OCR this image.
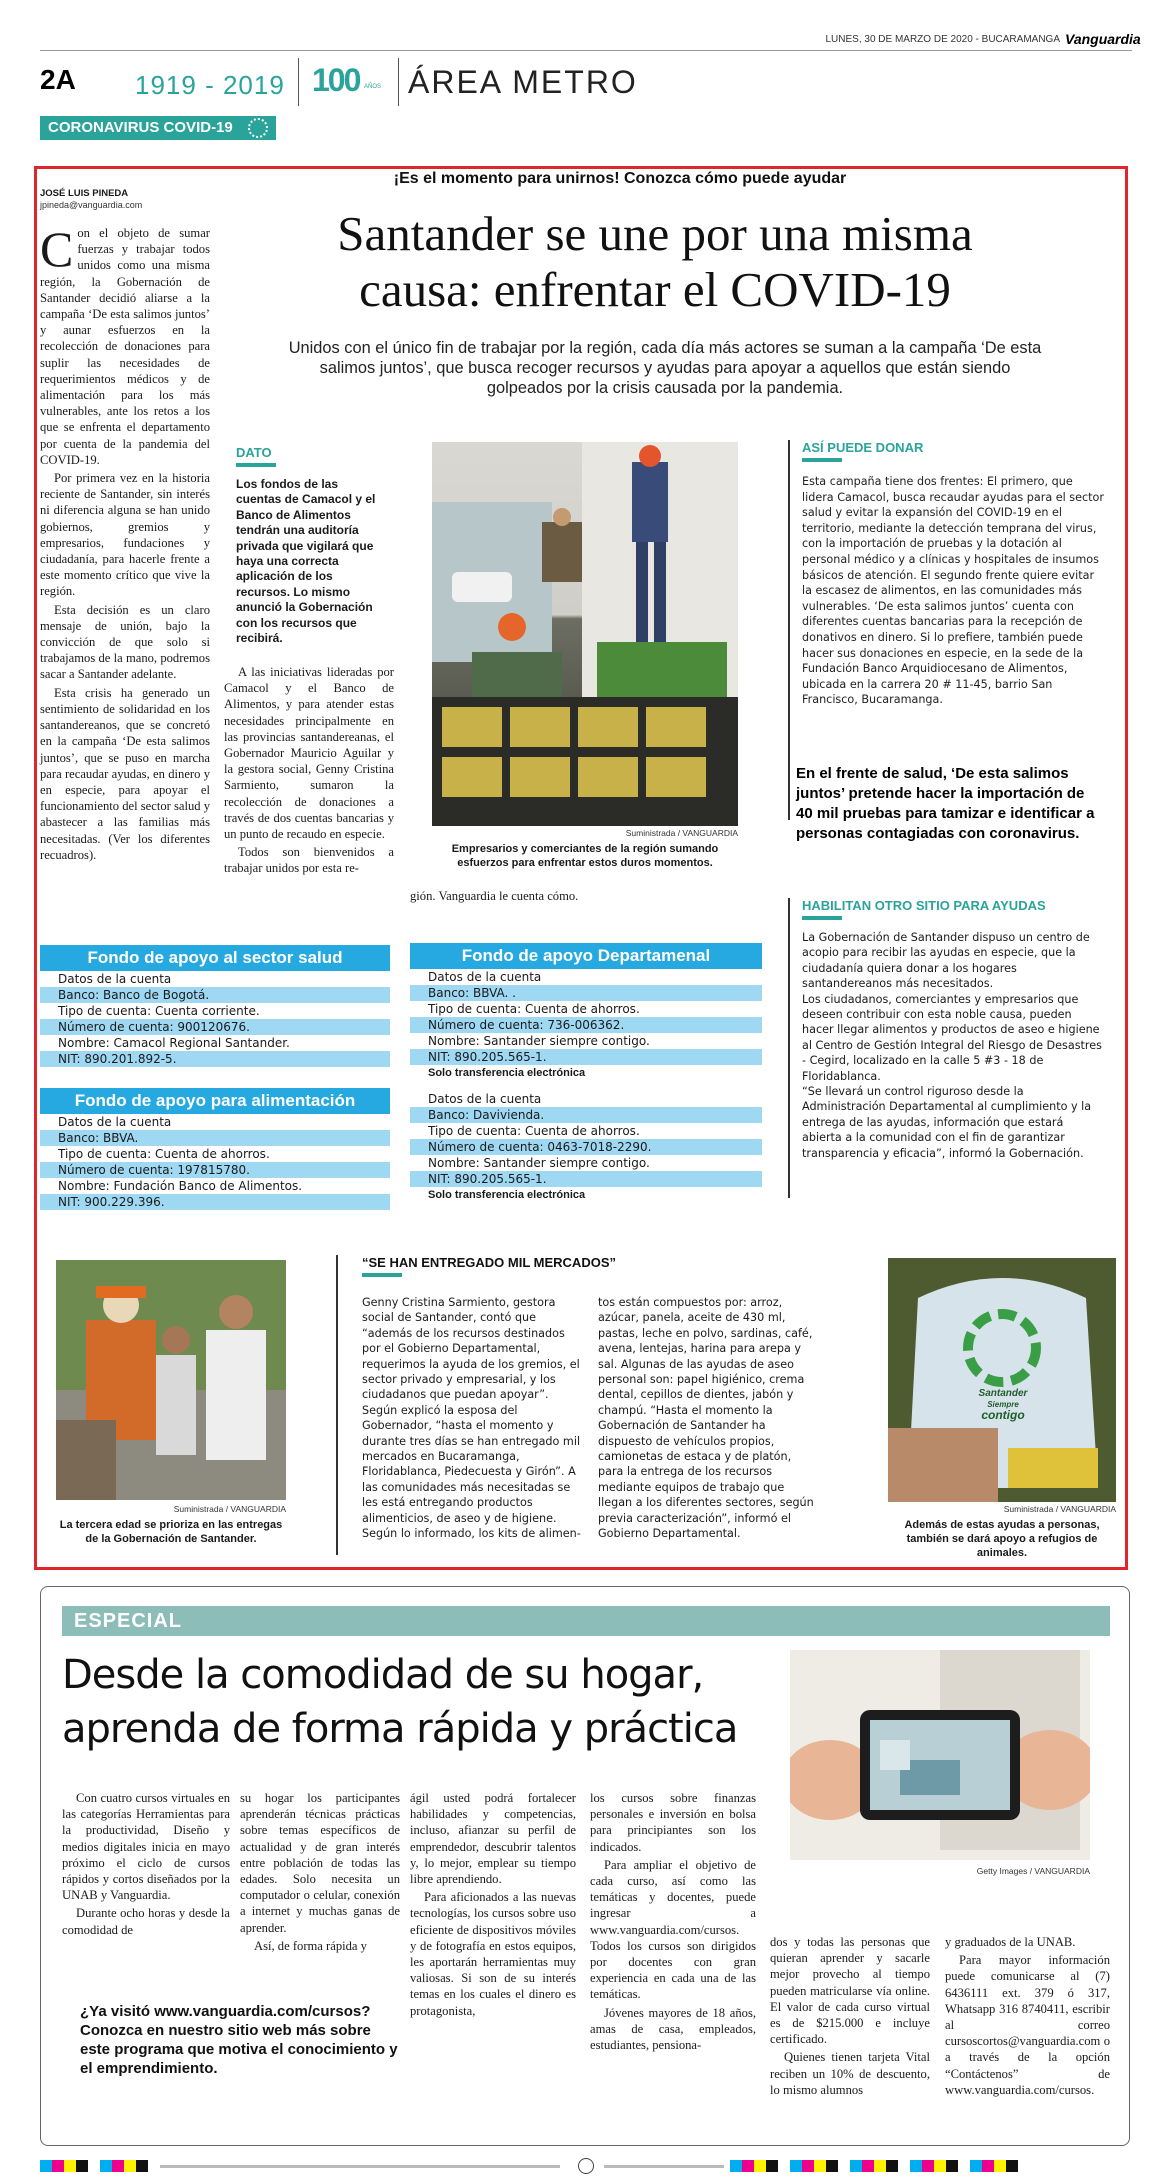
LUNES, 30 DE MARZO DE 2020 - BUCARAMANGA Vanguardia
2A 1919 - 2019 100 AÑOS ÁREA METRO
CORONAVIRUS COVID-19
JOSÉ LUIS PINEDA
jpineda@vanguardia.com
¡Es el momento para unirnos! Conozca cómo puede ayudar
Santander se une por una misma
causa: enfrentar el COVID-19
Unidos con el único fin de trabajar por la región, cada día más actores se suman a la campaña ‘De esta
salimos juntos’, que busca recoger recursos y ayudas para apoyar a aquellos que están siendo
golpeados por la crisis causada por la pandemia.

Con el objeto de sumar fuerzas y trabajar todos unidos como una misma región, la Gobernación de Santander decidió aliarse a la campaña ‘De esta salimos juntos’ y aunar esfuerzos en la recolección de donaciones para suplir las necesidades de requerimientos médicos y de alimentación para los más vulnerables, ante los retos a los que se enfrenta el departamento por cuenta de la pandemia del COVID-19.

Por primera vez en la historia reciente de Santander, sin interés ni diferencia alguna se han unido gobiernos, gremios y empresarios, fundaciones y ciudadanía, para hacerle frente a este momento crítico que vive la región.

Esta decisión es un claro mensaje de unión, bajo la convicción de que solo si trabajamos de la mano, podremos sacar a Santander adelante.

Esta crisis ha generado un sentimiento de solidaridad en los santandereanos, que se concretó en la campaña ‘De esta salimos juntos’, que se puso en marcha para recaudar ayudas, en dinero y en especie, para apoyar el funcionamiento del sector salud y abastecer a las familias más necesitadas. (Ver los diferentes recuadros).

DATO

Los fondos de las cuentas de Camacol y el Banco de Alimentos tendrán una auditoría privada que vigilará que haya una correcta aplicación de los recursos. Lo mismo anunció la Gobernación con los recursos que recibirá.

A las iniciativas lideradas por Camacol y el Banco de Alimentos, y para atender estas necesidades principalmente en las provincias santandereanas, el Gobernador Mauricio Aguilar y la gestora social, Genny Cristina Sarmiento, sumaron la recolección de donaciones a través de dos cuentas bancarias y un punto de recaudo en especie.

Todos son bienvenidos a trabajar unidos por esta re-

gión. Vanguardia le cuenta cómo.

Suministrada / VANGUARDIA
Empresarios y comerciantes de la región sumando esfuerzos para enfrentar estos duros momentos.
ASÍ PUEDE DONAR

Esta campaña tiene dos frentes: El primero, que lidera Camacol, busca recaudar ayudas para el sector salud y evitar la expansión del COVID-19 en el territorio, mediante la detección temprana del virus, con la importación de pruebas y la dotación al personal médico y a clínicas y hospitales de insumos básicos de atención. El segundo frente quiere evitar la escasez de alimentos, en las comunidades más vulnerables. ‘De esta salimos juntos’ cuenta con diferentes cuentas bancarias para la recepción de donativos en dinero. Si lo prefiere, también puede hacer sus donaciones en especie, en la sede de la Fundación Banco Arquidiocesano de Alimentos, ubicada en la carrera 20 # 11-45, barrio San Francisco, Bucaramanga.

En el frente de salud, ‘De esta salimos juntos’ pretende hacer la importación de 40 mil pruebas para tamizar e identificar a personas contagiadas con coronavirus.
HABILITAN OTRO SITIO PARA AYUDAS

La Gobernación de Santander dispuso un centro de acopio para recibir las ayudas en especie, que la ciudadanía quiera donar a los hogares santandereanos más necesitados.

Los ciudadanos, comerciantes y empresarios que deseen contribuir con esta noble causa, pueden hacer llegar alimentos y productos de aseo e higiene al Centro de Gestión Integral del Riesgo de Desastres - Cegird, localizado en la calle 5 #3 - 18 de Floridablanca.

“Se llevará un control riguroso desde la Administración Departamental al cumplimiento y la entrega de las ayudas, información que estará abierta a la comunidad con el fin de garantizar transparencia y eficacia”, informó la Gobernación.

Fondo de apoyo al sector salud
Datos de la cuenta
Banco: Banco de Bogotá.
Tipo de cuenta: Cuenta corriente.
Número de cuenta: 900120676.
Nombre: Camacol Regional Santander.
NIT: 890.201.892-5.
Fondo de apoyo para alimentación
Datos de la cuenta
Banco: BBVA.
Tipo de cuenta: Cuenta de ahorros.
Número de cuenta: 197815780.
Nombre: Fundación Banco de Alimentos.
NIT: 900.229.396.
Fondo de apoyo Departamenal
Datos de la cuenta
Banco: BBVA. .
Tipo de cuenta: Cuenta de ahorros.
Número de cuenta: 736-006362.
Nombre: Santander siempre contigo.
NIT: 890.205.565-1.
Solo transferencia electrónica
Datos de la cuenta
Banco: Davivienda.
Tipo de cuenta: Cuenta de ahorros.
Número de cuenta: 0463-7018-2290.
Nombre: Santander siempre contigo.
NIT: 890.205.565-1.
Solo transferencia electrónica
Suministrada / VANGUARDIA
La tercera edad se prioriza en las entregas de la Gobernación de Santander.
“SE HAN ENTREGADO MIL MERCADOS”

Genny Cristina Sarmiento, gestora social de Santander, contó que “además de los recursos destinados por el Gobierno Departamental, requerimos la ayuda de los gremios, el sector privado y empresarial, y los ciudadanos que puedan apoyar”. Según explicó la esposa del Gobernador, “hasta el momento y durante tres días se han entregado mil mercados en Bucaramanga, Floridablanca, Piedecuesta y Girón”. A las comunidades más necesitadas se les está entregando productos alimenticios, de aseo y de higiene. Según lo informado, los kits de alimen-

tos están compuestos por: arroz, azúcar, panela, aceite de 430 ml, pastas, leche en polvo, sardinas, café, avena, lentejas, harina para arepa y sal. Algunas de las ayudas de aseo personal son: papel higiénico, crema dental, cepillos de dientes, jabón y champú. “Hasta el momento la Gobernación de Santander ha dispuesto de vehículos propios, camionetas de estaca y de platón, para la entrega de los recursos mediante equipos de trabajo que llegan a los diferentes sectores, según previa caracterización”, informó el Gobierno Departamental.

Santander
Siempre
contigo
Suministrada / VANGUARDIA
Además de estas ayudas a personas, también se dará apoyo a refugios de animales.
ESPECIAL
Desde la comodidad de su hogar,
aprenda de forma rápida y práctica
Getty Images / VANGUARDIA

Con cuatro cursos virtuales en las categorías Herramientas para la productividad, Diseño y medios digitales inicia en mayo próximo el ciclo de cursos rápidos y cortos diseñados por la UNAB y Vanguardia.

Durante ocho horas y desde la comodidad de

su hogar los participantes aprenderán técnicas prácticas sobre temas específicos de actualidad y de gran interés entre población de todas las edades. Solo necesita un computador o celular, conexión a internet y muchas ganas de aprender.

Así, de forma rápida y

ágil usted podrá fortalecer habilidades y competencias, incluso, afianzar su perfil de emprendedor, descubrir talentos y, lo mejor, emplear su tiempo libre aprendiendo.

Para aficionados a las nuevas tecnologías, los cursos sobre uso eficiente de dispositivos móviles y de fotografía en estos equipos, les aportarán herramientas muy valiosas. Si son de su interés temas en los cuales el dinero es protagonista,

los cursos sobre finanzas personales e inversión en bolsa para principiantes son los indicados.

Para ampliar el objetivo de cada curso, así como las temáticas y docentes, puede ingresar a www.vanguardia.com/cursos. Todos los cursos son dirigidos por docentes con gran experiencia en cada una de las temáticas.

Jóvenes mayores de 18 años, amas de casa, empleados, estudiantes, pensiona-

dos y todas las personas que quieran aprender y sacarle mejor provecho al tiempo pueden matricularse vía online. El valor de cada curso virtual es de $215.000 e incluye certificado.

Quienes tienen tarjeta Vital reciben un 10% de descuento, lo mismo alumnos

y graduados de la UNAB.

Para mayor información puede comunicarse al (7) 6436111 ext. 379 ó 317, Whatsapp 316 8740411, escribir al correo cursoscortos@vanguardia.com o a través de la opción “Contáctenos” de www.vanguardia.com/cursos.

¿Ya visitó www.vanguardia.com/cursos? Conozca en nuestro sitio web más sobre este programa que motiva el conocimiento y el emprendimiento.
